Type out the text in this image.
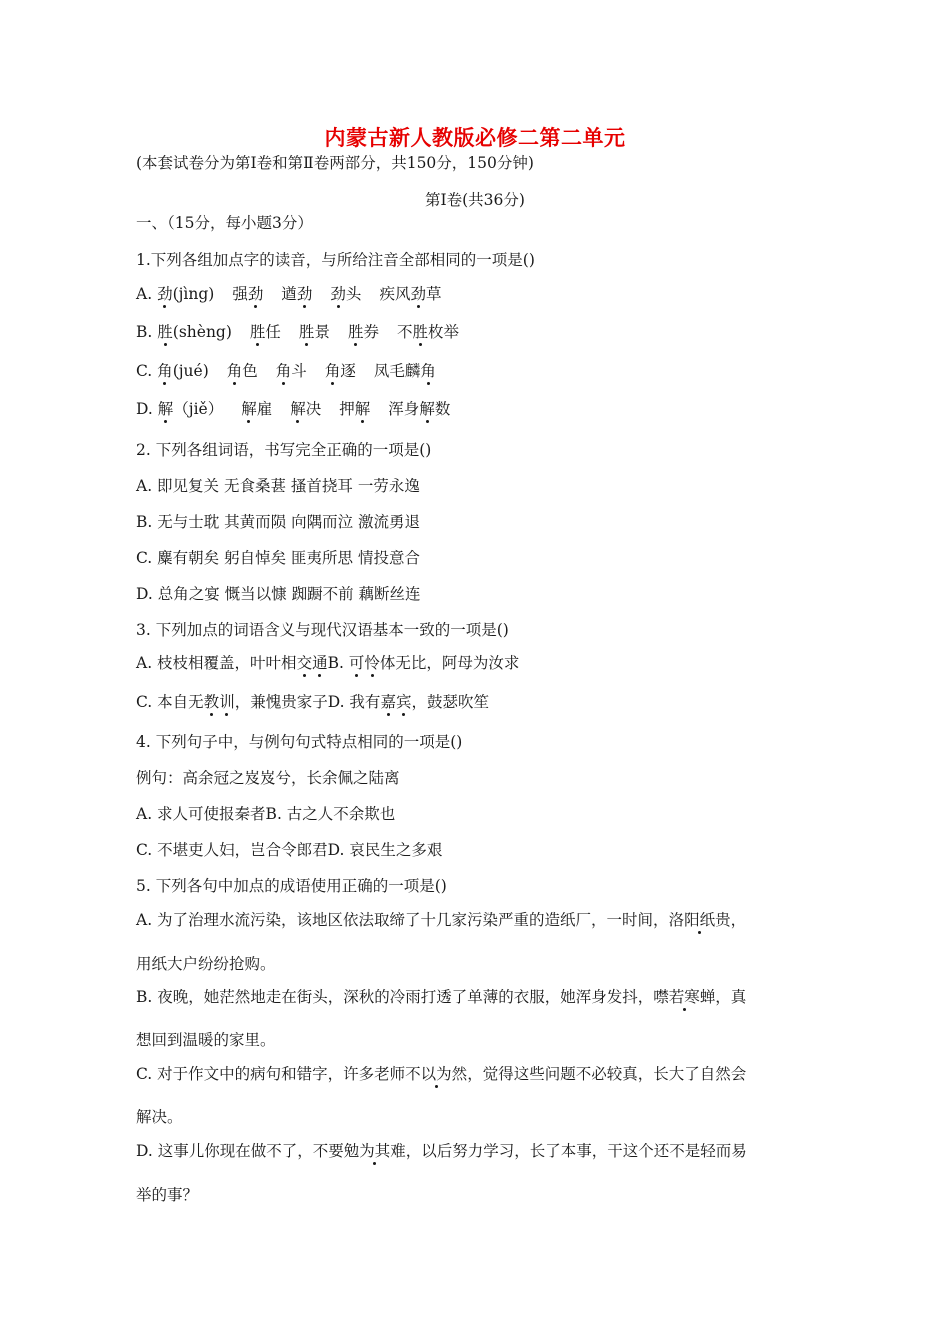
内蒙古新人教版必修二第二单元
(本套试卷分为第Ⅰ卷和第Ⅱ卷两部分，共150分，150分钟)
第Ⅰ卷(共36分)
一、（15分，每小题3分）
1.下列各组加点字的读音，与所给注音全部相同的一项是()
A. 劲(jìng) 强劲 遒劲 劲头 疾风劲草
B. 胜(shèng) 胜任 胜景 胜券 不胜枚举
C. 角(jué) 角色 角斗 角逐 凤毛麟角
D. 解（jiě） 解雇 解决 押解 浑身解数
2. 下列各组词语，书写完全正确的一项是()
A. 即见复关 无食桑葚 搔首挠耳 一劳永逸
B. 无与士耽 其黄而陨 向隅而泣 激流勇退
C. 麋有朝矣 躬自悼矣 匪夷所思 情投意合
D. 总角之宴 慨当以慷 踟蹰不前 藕断丝连
3. 下列加点的词语含义与现代汉语基本一致的一项是()
A. 枝枝相覆盖，叶叶相交通B. 可怜体无比，阿母为汝求
C. 本自无教训，兼愧贵家子D. 我有嘉宾，鼓瑟吹笙
4. 下列句子中，与例句句式特点相同的一项是()
例句：高余冠之岌岌兮，长余佩之陆离
A. 求人可使报秦者B. 古之人不余欺也
C. 不堪吏人妇，岂合令郎君D. 哀民生之多艰
5. 下列各句中加点的成语使用正确的一项是()
A. 为了治理水流污染，该地区依法取缔了十几家污染严重的造纸厂，一时间，洛阳纸贵，
用纸大户纷纷抢购。
B. 夜晚，她茫然地走在街头，深秋的冷雨打透了单薄的衣服，她浑身发抖，噤若寒蝉，真
想回到温暖的家里。
C. 对于作文中的病句和错字，许多老师不以为然，觉得这些问题不必较真，长大了自然会
解决。
D. 这事儿你现在做不了，不要勉为其难，以后努力学习，长了本事，干这个还不是轻而易
举的事？
